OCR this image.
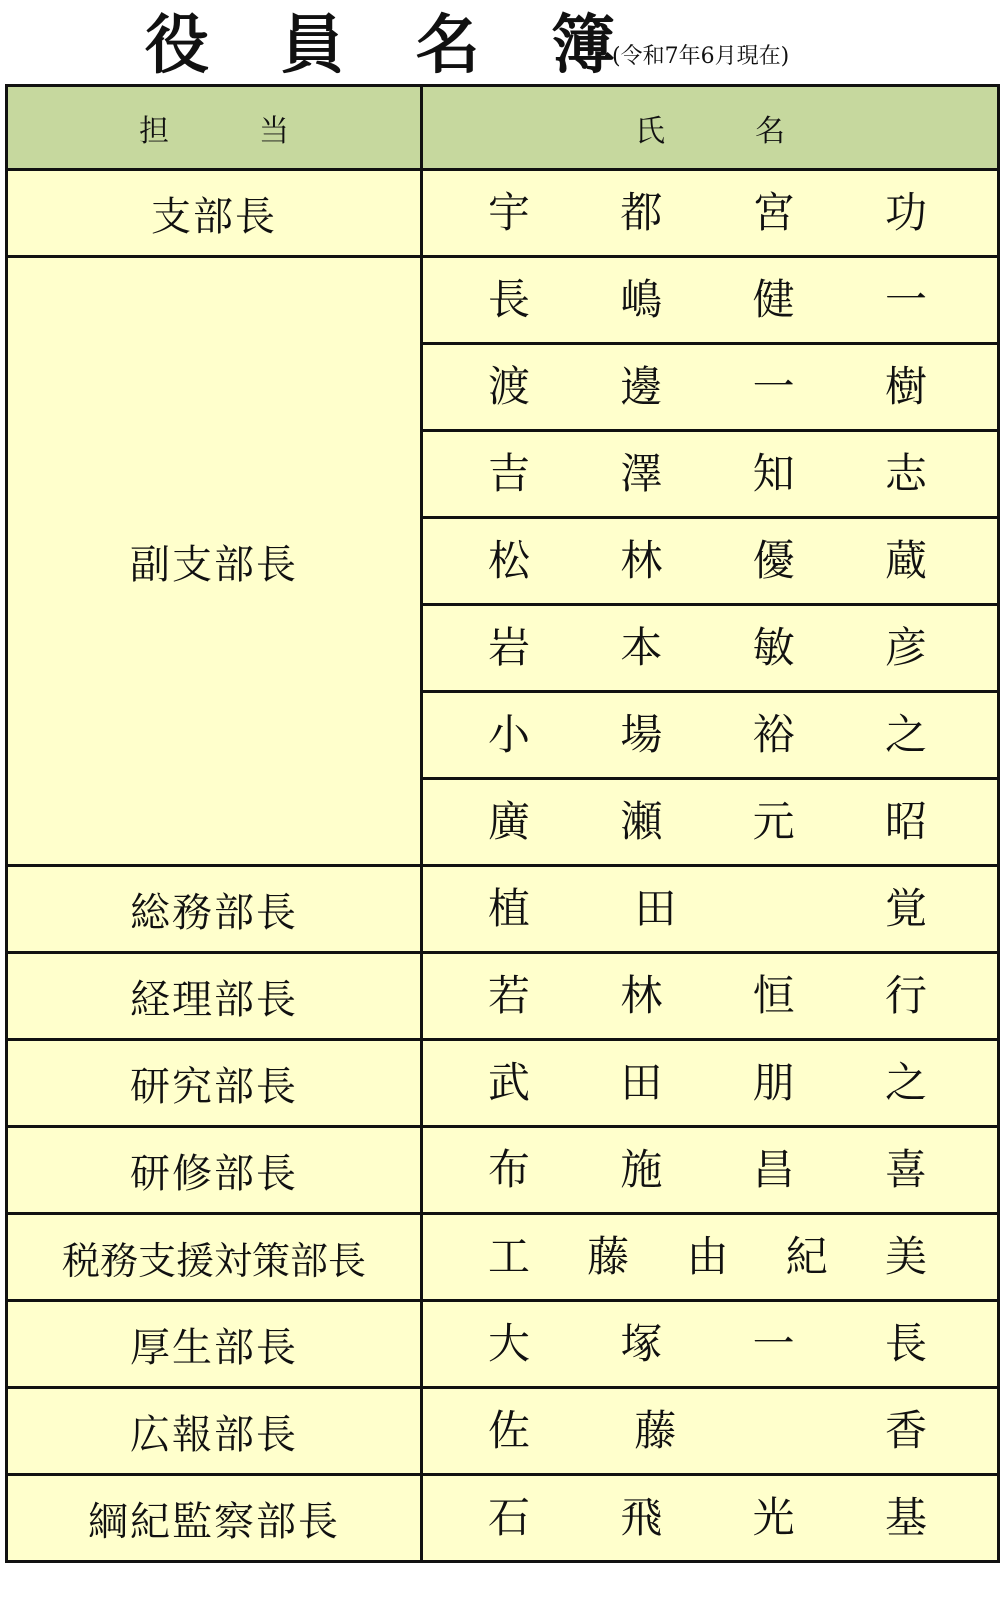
役 員 名 簿
(令和7年6月現在)
担 当	氏 名

支部長	宇 都 宮 功

副支部長	長 嶋 健 一

	渡 邊 一 樹

	吉 澤 知 志

	松 林 優 蔵

	岩 本 敏 彦

	小 場 裕 之

	廣 瀬 元 昭

総務部長	植 田 覚

経理部長	若 林 恒 行

研究部長	武 田 朋 之

研修部長	布 施 昌 喜

税務支援対策部長	工 藤 由 紀 美

厚生部長	大 塚 一 長

広報部長	佐 藤 香

綱紀監察部長	石 飛 光 基
